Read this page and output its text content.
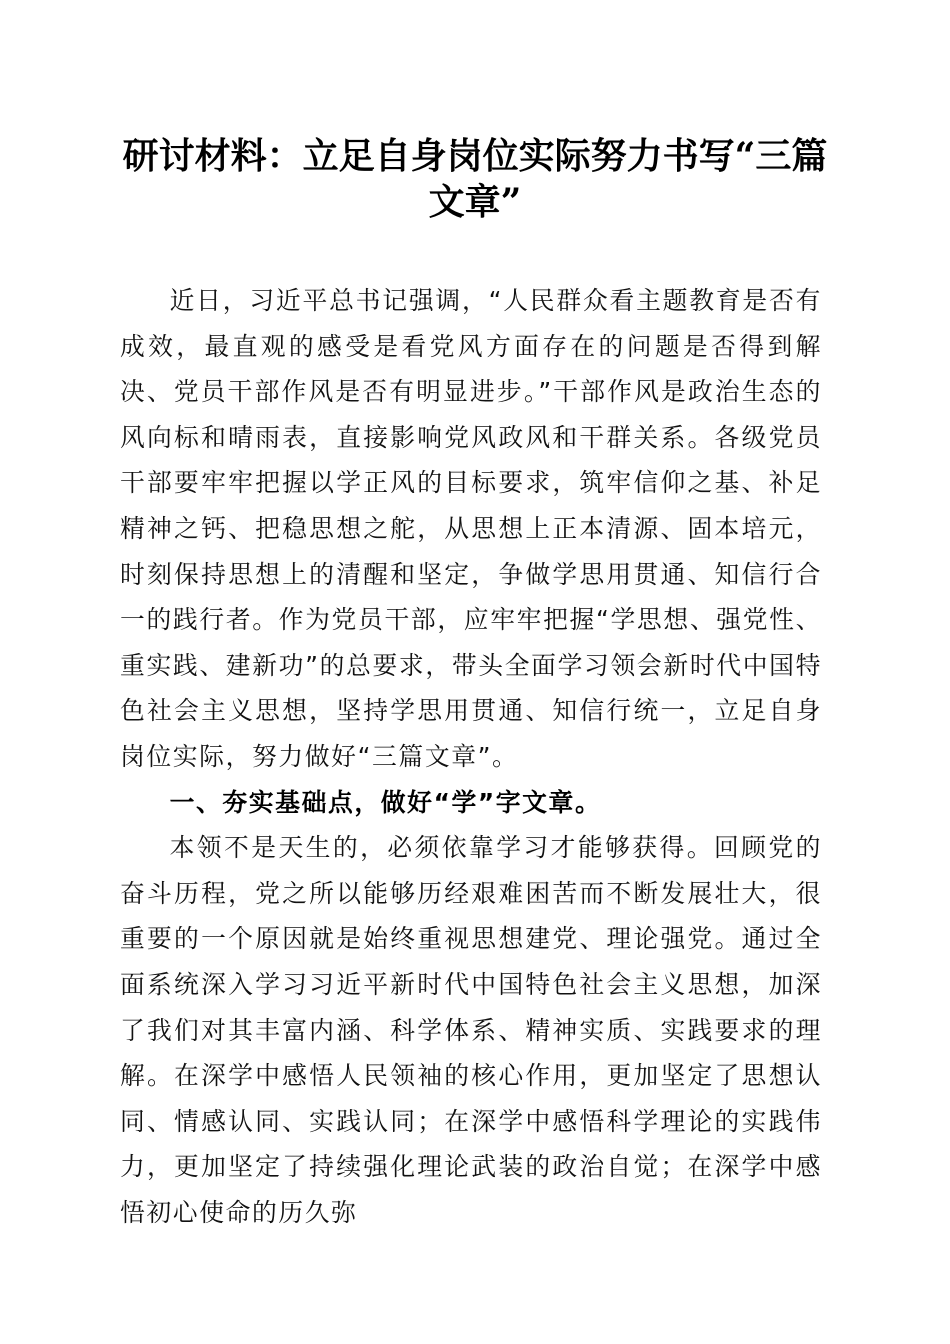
研讨材料：立足自身岗位实际努力书写“三篇文章”

近日，习近平总书记强调，“人民群众看主题教育是否有成效，最直观的感受是看党风方面存在的问题是否得到解决、党员干部作风是否有明显进步。”干部作风是政治生态的风向标和晴雨表，直接影响党风政风和干群关系。各级党员干部要牢牢把握以学正风的目标要求，筑牢信仰之基、补足精神之钙、把稳思想之舵，从思想上正本清源、固本培元，时刻保持思想上的清醒和坚定，争做学思用贯通、知信行合一的践行者。作为党员干部，应牢牢把握“学思想、强党性、重实践、建新功”的总要求，带头全面学习领会新时代中国特色社会主义思想，坚持学思用贯通、知信行统一，立足自身岗位实际，努力做好“三篇文章”。

一、夯实基础点，做好“学”字文章。

本领不是天生的，必须依靠学习才能够获得。回顾党的奋斗历程，党之所以能够历经艰难困苦而不断发展壮大，很重要的一个原因就是始终重视思想建党、理论强党。通过全面系统深入学习习近平新时代中国特色社会主义思想，加深了我们对其丰富内涵、科学体系、精神实质、实践要求的理解。在深学中感悟人民领袖的核心作用，更加坚定了思想认同、情感认同、实践认同；在深学中感悟科学理论的实践伟力，更加坚定了持续强化理论武装的政治自觉；在深学中感悟初心使命的历久弥
